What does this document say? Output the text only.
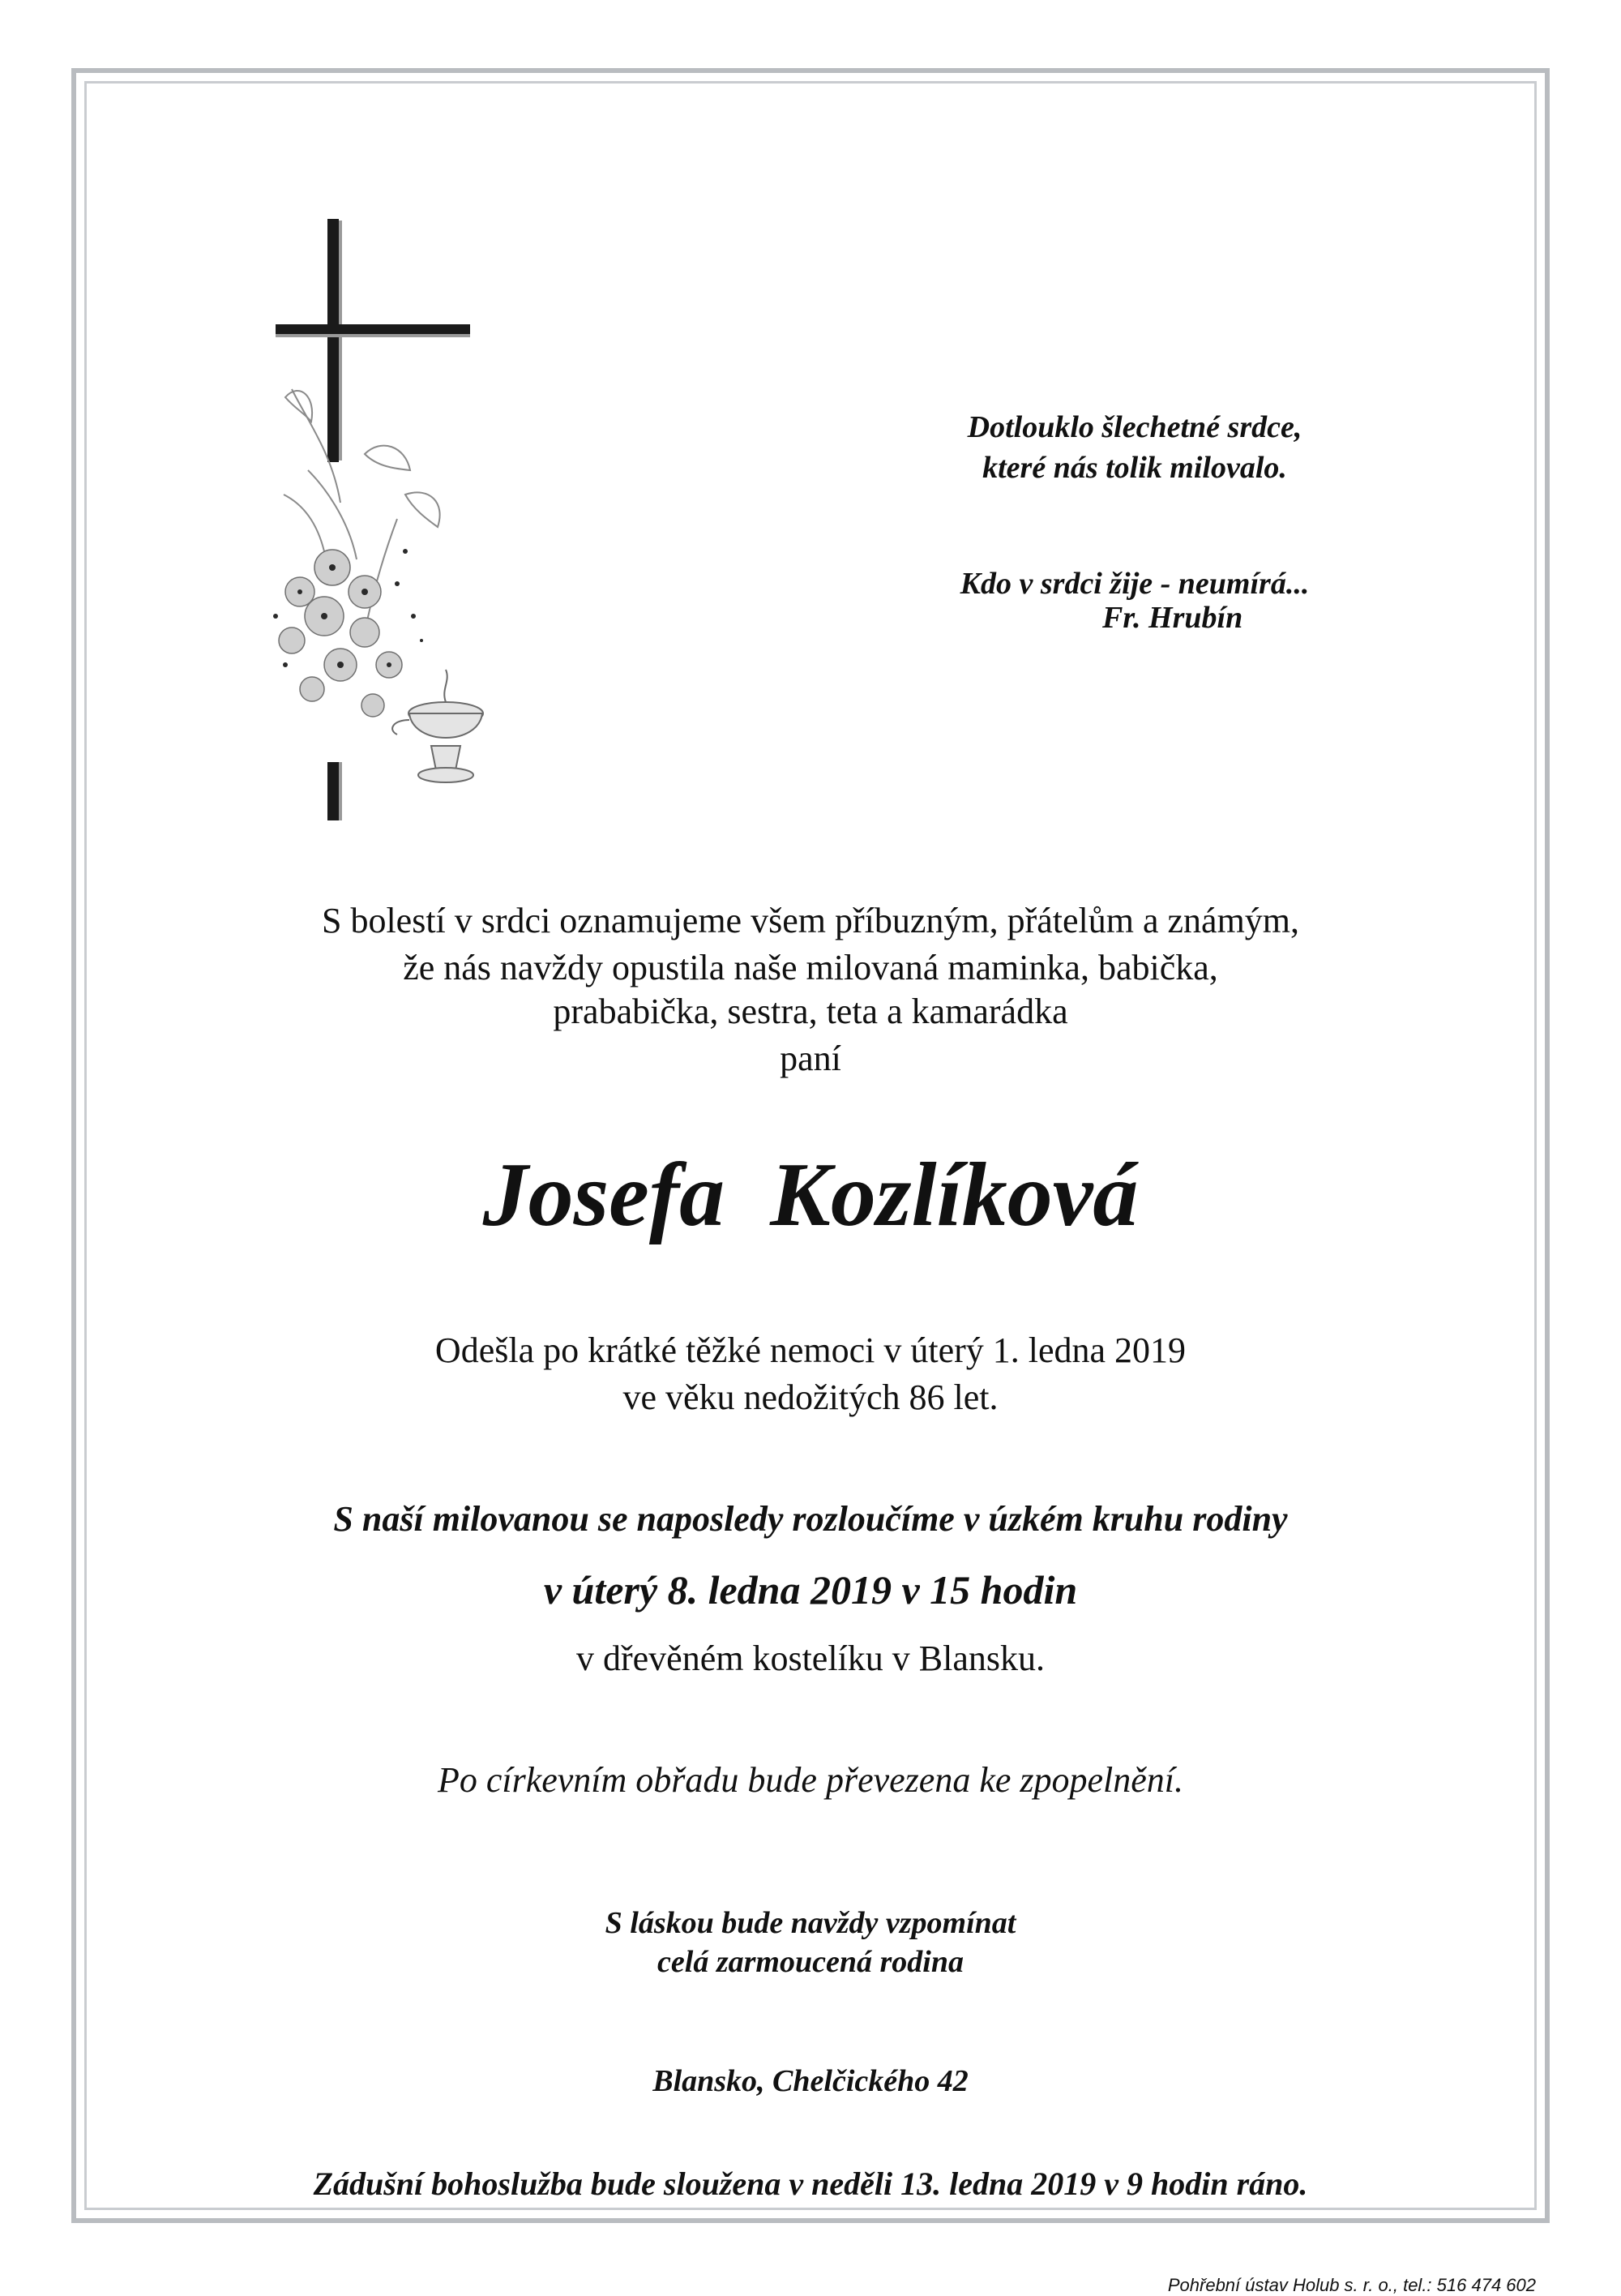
Dotlouklo šlechetné srdce,
které nás tolik milovalo.
Kdo v srdci žije - neumírá...
Fr. Hrubín
S bolestí v srdci oznamujeme všem příbuzným, přátelům a známým,
že nás navždy opustila naše milovaná maminka, babička,
prababička, sestra, teta a kamarádka
paní
Josefa Kozlíková
Odešla po krátké těžké nemoci v úterý 1. ledna 2019
ve věku nedožitých 86 let.
S naší milovanou se naposledy rozloučíme v úzkém kruhu rodiny
v úterý 8. ledna 2019 v 15 hodin
v dřevěném kostelíku v Blansku.
Po církevním obřadu bude převezena ke zpopelnění.
S láskou bude navždy vzpomínat
celá zarmoucená rodina
Blansko, Chelčického 42
Zádušní bohoslužba bude sloužena v neděli 13. ledna 2019 v 9 hodin ráno.
Pohřební ústav Holub s. r. o., tel.: 516 474 602
